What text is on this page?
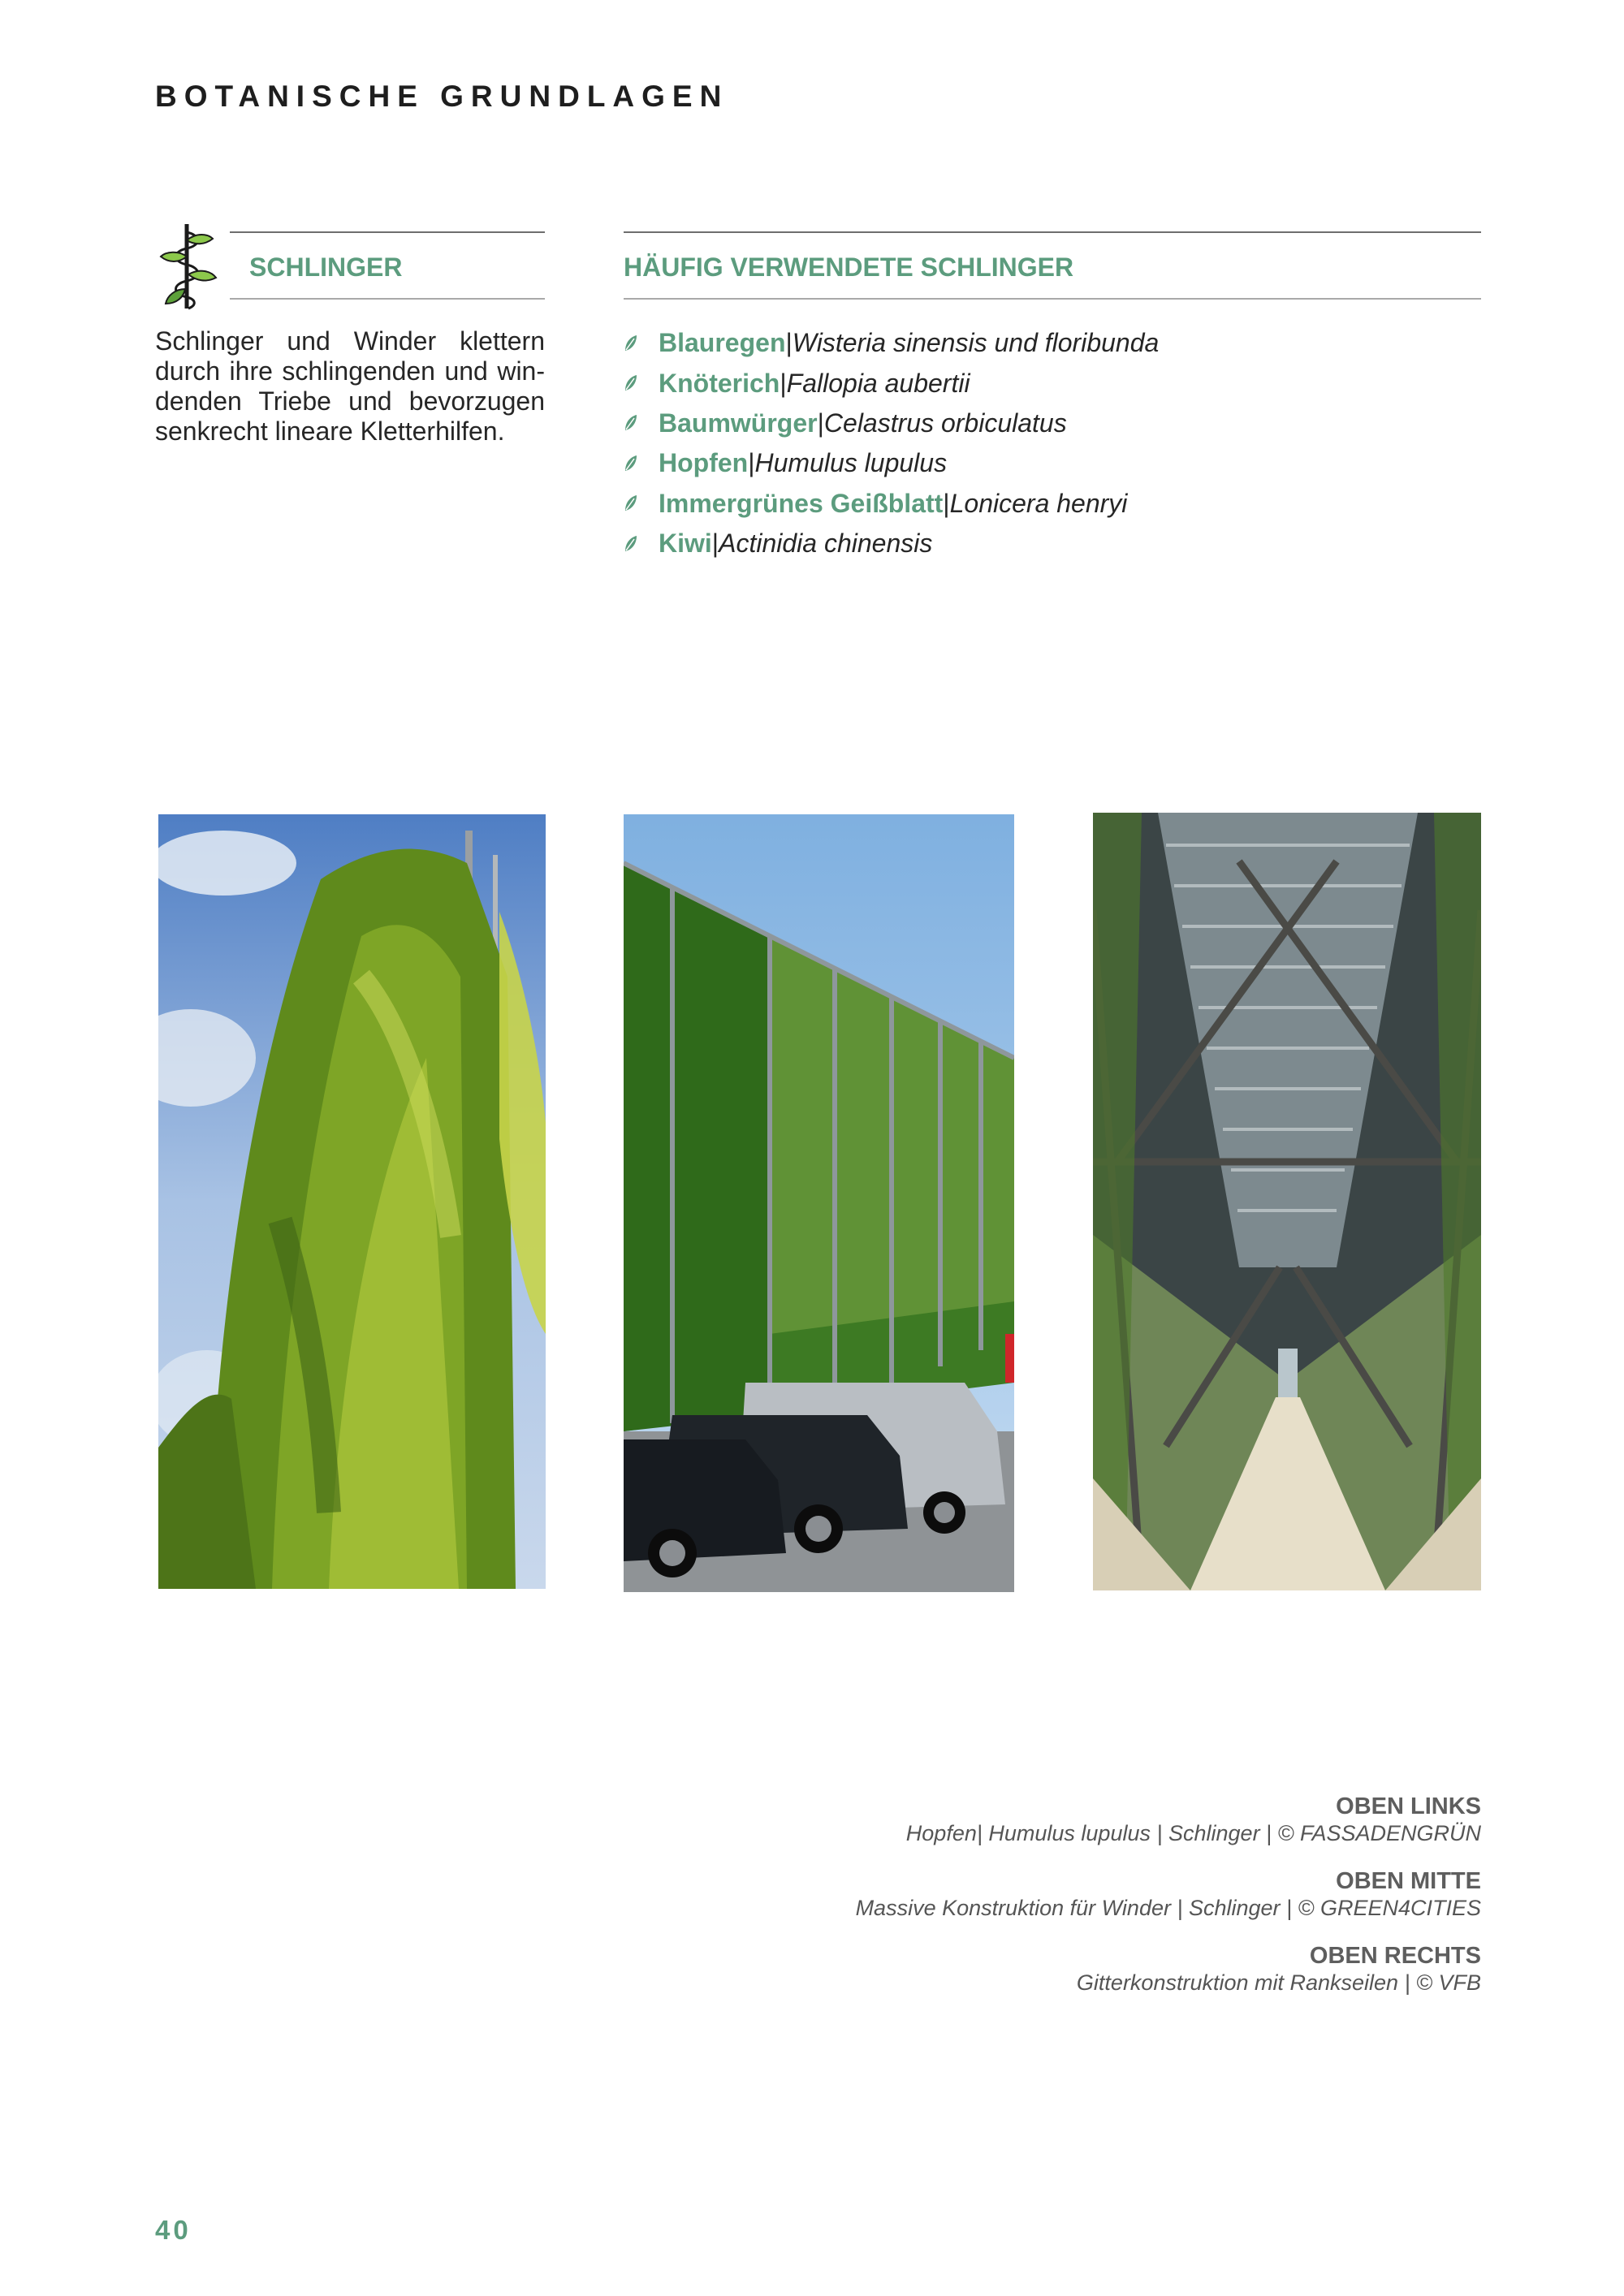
BOTANISCHE GRUNDLAGEN
SCHLINGER
Schlinger und Winder klettern durch ihre schlingenden und win-denden Triebe und bevorzugen senkrecht lineare Kletterhilfen.
HÄUFIG VERWENDETE SCHLINGER
Blauregen | Wisteria sinensis und floribunda
Knöterich | Fallopia aubertii
Baumwürger | Celastrus orbiculatus
Hopfen | Humulus lupulus
Immergrünes Geißblatt | Lonicera henryi
Kiwi | Actinidia chinensis
OBEN LINKS
Hopfen| Humulus lupulus | Schlinger | © FASSADENGRÜN
OBEN MITTE
Massive Konstruktion für Winder | Schlinger | © GREEN4CITIES
OBEN RECHTS
Gitterkonstruktion mit Rankseilen | © VFB
40
